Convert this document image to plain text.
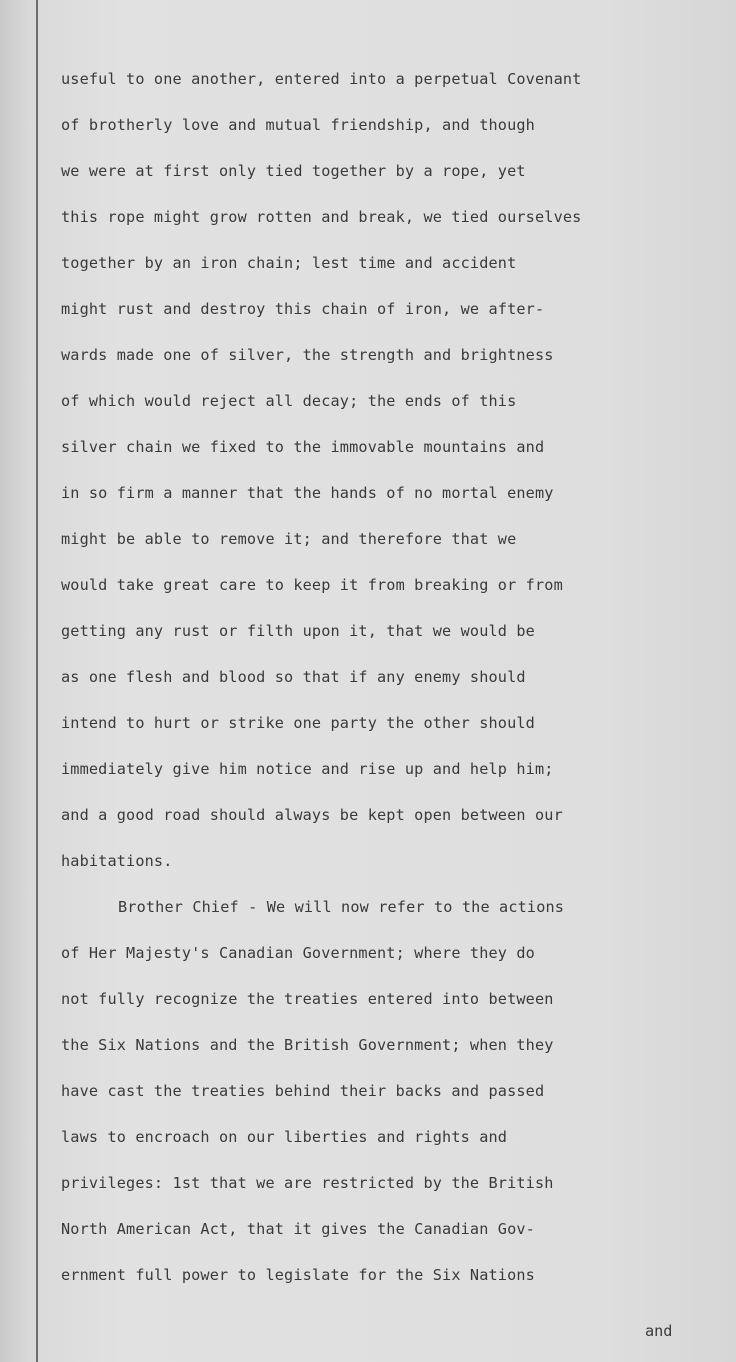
useful to one another, entered into a perpetual Covenant
of brotherly love and mutual friendship, and though
we were at first only tied together by a rope, yet
this rope might grow rotten and break, we tied ourselves
together by an iron chain; lest time and accident
might rust and destroy this chain of iron, we after-
wards made one of silver, the strength and brightness
of which would reject all decay; the ends of this
silver chain we fixed to the immovable mountains and
in so firm a manner that the hands of no mortal enemy
might be able to remove it; and therefore that we
would take great care to keep it from breaking or from
getting any rust or filth upon it, that we would be
as one flesh and blood so that if any enemy should
intend to hurt or strike one party the other should
immediately give him notice and rise up and help him;
and a good road should always be kept open between our
habitations.
Brother Chief - We will now refer to the actions
of Her Majesty's Canadian Government; where they do
not fully recognize the treaties entered into between
the Six Nations and the British Government; when they
have cast the treaties behind their backs and passed
laws to encroach on our liberties and rights and
privileges: 1st that we are restricted by the British
North American Act, that it gives the Canadian Gov-
ernment full power to legislate for the Six Nations
and
